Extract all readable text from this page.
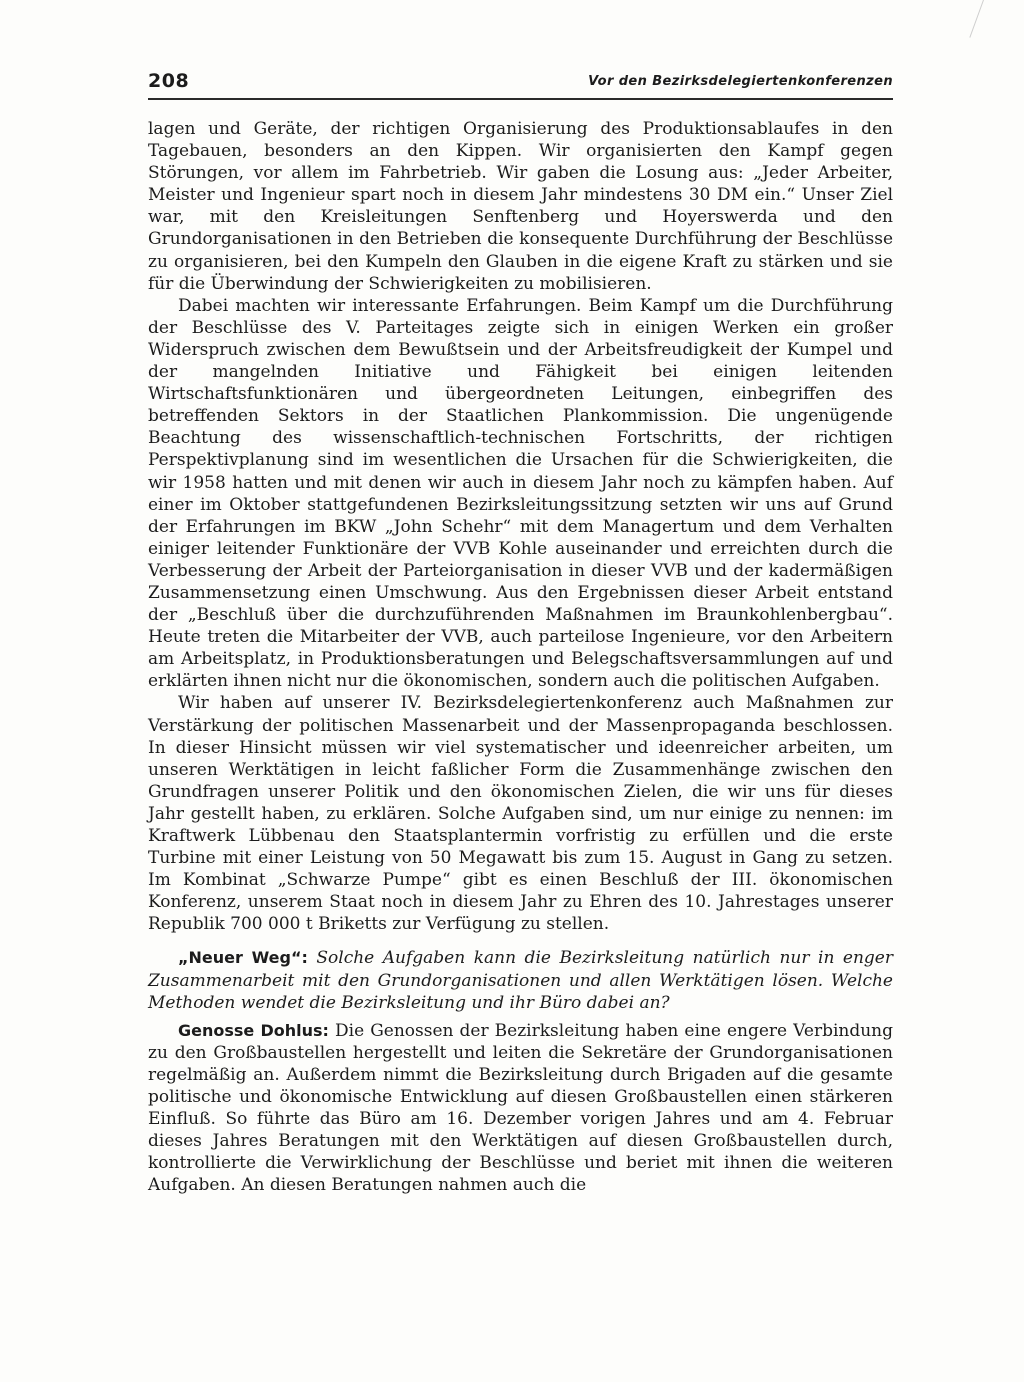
208	Vor den Bezirksdelegiertenkonferenzen

lagen und Geräte, der richtigen Organisierung des Produktionsablaufes in den Tagebauen, besonders an den Kippen. Wir organisierten den Kampf gegen Störungen, vor allem im Fahrbetrieb. Wir gaben die Losung aus: „Jeder Arbeiter, Meister und Ingenieur spart noch in diesem Jahr mindestens 30 DM ein.“ Unser Ziel war, mit den Kreisleitungen Senftenberg und Hoyerswerda und den Grundorganisationen in den Betrieben die konsequente Durchführung der Beschlüsse zu organisieren, bei den Kumpeln den Glauben in die eigene Kraft zu stärken und sie für die Überwindung der Schwierigkeiten zu mobilisieren.

Dabei machten wir interessante Erfahrungen. Beim Kampf um die Durchführung der Beschlüsse des V. Parteitages zeigte sich in einigen Werken ein großer Widerspruch zwischen dem Bewußtsein und der Arbeitsfreudigkeit der Kumpel und der mangelnden Initiative und Fähigkeit bei einigen leitenden Wirtschaftsfunktionären und übergeordneten Leitungen, einbegriffen des betreffenden Sektors in der Staatlichen Plankommission. Die ungenügende Beachtung des wissenschaftlich-technischen Fortschritts, der richtigen Perspektivplanung sind im wesentlichen die Ursachen für die Schwierigkeiten, die wir 1958 hatten und mit denen wir auch in diesem Jahr noch zu kämpfen haben. Auf einer im Oktober stattgefundenen Bezirksleitungssitzung setzten wir uns auf Grund der Erfahrungen im BKW „John Schehr“ mit dem Managertum und dem Verhalten einiger leitender Funktionäre der VVB Kohle auseinander und erreichten durch die Verbesserung der Arbeit der Parteiorganisation in dieser VVB und der kadermäßigen Zusammensetzung einen Umschwung. Aus den Ergebnissen dieser Arbeit entstand der „Beschluß über die durchzuführenden Maßnahmen im Braunkohlenbergbau“. Heute treten die Mitarbeiter der VVB, auch parteilose Ingenieure, vor den Arbeitern am Arbeitsplatz, in Produktionsberatungen und Belegschaftsversammlungen auf und erklärten ihnen nicht nur die ökonomischen, sondern auch die politischen Aufgaben.

Wir haben auf unserer IV. Bezirksdelegiertenkonferenz auch Maßnahmen zur Verstärkung der politischen Massenarbeit und der Massenpropaganda beschlossen. In dieser Hinsicht müssen wir viel systematischer und ideenreicher arbeiten, um unseren Werktätigen in leicht faßlicher Form die Zusammenhänge zwischen den Grundfragen unserer Politik und den ökonomischen Zielen, die wir uns für dieses Jahr gestellt haben, zu erklären. Solche Aufgaben sind, um nur einige zu nennen: im Kraftwerk Lübbenau den Staatsplantermin vorfristig zu erfüllen und die erste Turbine mit einer Leistung von 50 Megawatt bis zum 15. August in Gang zu setzen. Im Kombinat „Schwarze Pumpe“ gibt es einen Beschluß der III. ökonomischen Konferenz, unserem Staat noch in diesem Jahr zu Ehren des 10. Jahrestages unserer Republik 700 000 t Briketts zur Verfügung zu stellen.

„Neuer Weg“: Solche Aufgaben kann die Bezirksleitung natürlich nur in enger Zusammenarbeit mit den Grundorganisationen und allen Werktätigen lösen. Welche Methoden wendet die Bezirksleitung und ihr Büro dabei an?

Genosse Dohlus: Die Genossen der Bezirksleitung haben eine engere Verbindung zu den Großbaustellen hergestellt und leiten die Sekretäre der Grundorganisationen regelmäßig an. Außerdem nimmt die Bezirksleitung durch Brigaden auf die gesamte politische und ökonomische Entwicklung auf diesen Großbaustellen einen stärkeren Einfluß. So führte das Büro am 16. Dezember vorigen Jahres und am 4. Februar dieses Jahres Beratungen mit den Werktätigen auf diesen Großbaustellen durch, kontrollierte die Verwirklichung der Beschlüsse und beriet mit ihnen die weiteren Aufgaben. An diesen Beratungen nahmen auch die
